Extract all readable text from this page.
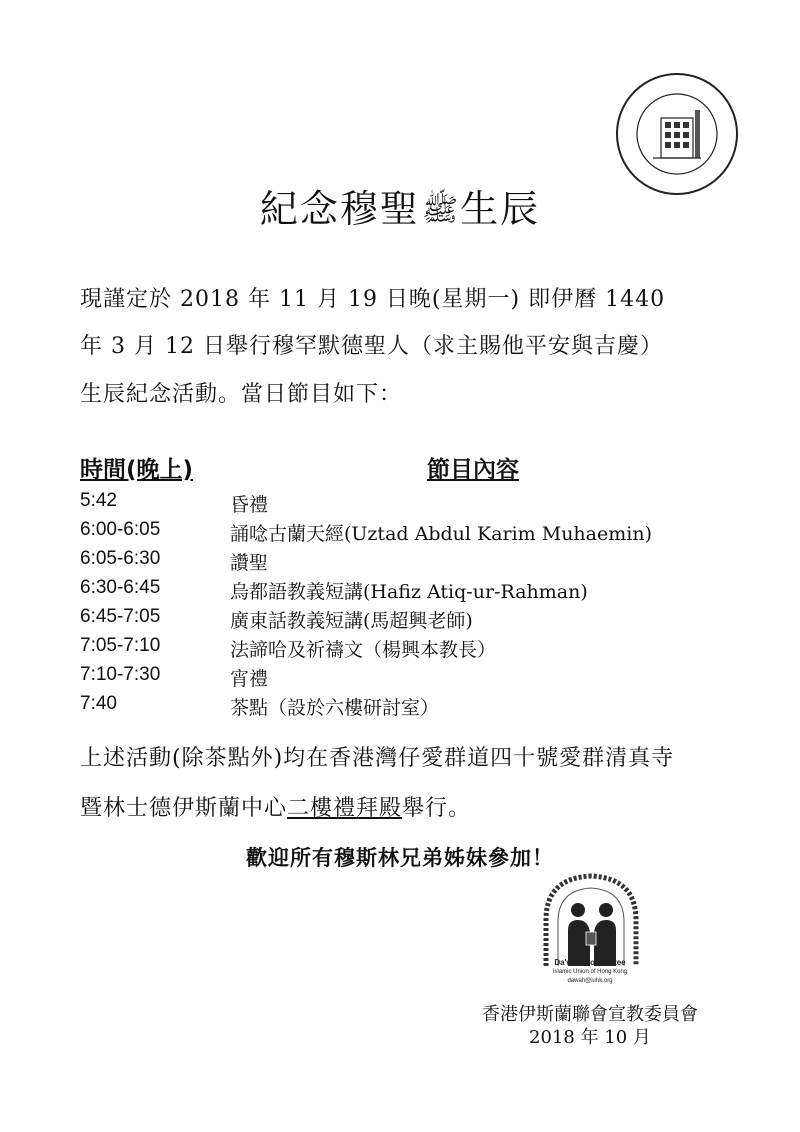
紀念穆聖ﷺ生辰
現謹定於 2018 年 11 月 19 日晚(星期一) 即伊曆 1440
年 3 月 12 日舉行穆罕默德聖人（求主賜他平安與吉慶）
生辰紀念活動。當日節目如下：
時間(晚上)	節目內容
5:42	昏禮
6:00-6:05	誦唸古蘭天經(Uztad Abdul Karim Muhaemin)
6:05-6:30	讚聖
6:30-6:45	烏都語教義短講(Hafiz Atiq-ur-Rahman)
6:45-7:05	廣東話教義短講(馬超興老師)
7:05-7:10	法諦哈及祈禱文（楊興本教長）
7:10-7:30	宵禮
7:40	茶點（設於六樓研討室）
上述活動(除茶點外)均在香港灣仔愛群道四十號愛群清真寺
暨林士德伊斯蘭中心二樓禮拜殿舉行。
歡迎所有穆斯林兄弟姊妹參加！
Da'wah Committee
Islamic Union of Hong Kong
dawah@iuhk.org
香港伊斯蘭聯會宣教委員會
2018 年 10 月
